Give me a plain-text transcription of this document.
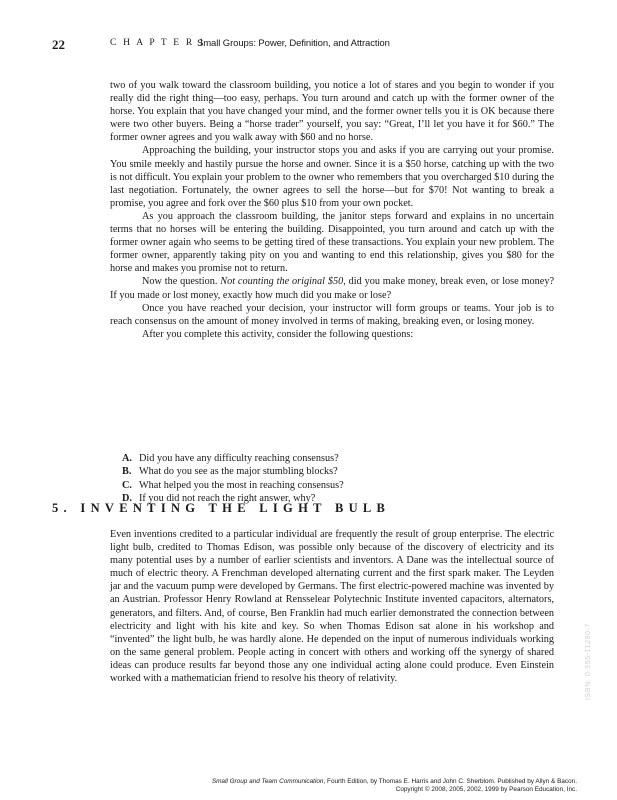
22	C H A P T E R 1
Small Groups: Power, Definition, and Attraction

two of you walk toward the classroom building, you notice a lot of stares and you begin to wonder if you really did the right thing—too easy, perhaps. You turn around and catch up with the former owner of the horse. You explain that you have changed your mind, and the former owner tells you it is OK because there were two other buyers. Being a “horse trader” yourself, you say: “Great, I’ll let you have it for $60.” The former owner agrees and you walk away with $60 and no horse.

Approaching the building, your instructor stops you and asks if you are carrying out your promise. You smile meekly and hastily pursue the horse and owner. Since it is a $50 horse, catching up with the two is not difficult. You explain your problem to the owner who remembers that you overcharged $10 during the last negotiation. Fortunately, the owner agrees to sell the horse—but for $70! Not wanting to break a promise, you agree and fork over the $60 plus $10 from your own pocket.

As you approach the classroom building, the janitor steps forward and explains in no uncertain terms that no horses will be entering the building. Disappointed, you turn around and catch up with the former owner again who seems to be getting tired of these transactions. You explain your new problem. The former owner, apparently taking pity on you and wanting to end this relationship, gives you $80 for the horse and makes you promise not to return.

Now the question. Not counting the original $50, did you make money, break even, or lose money? If you made or lost money, exactly how much did you make or lose?

Once you have reached your decision, your instructor will form groups or teams. Your job is to reach consensus on the amount of money involved in terms of making, breaking even, or losing money.

After you complete this activity, consider the following questions:

A. Did you have any difficulty reaching consensus?
B. What do you see as the major stumbling blocks?
C. What helped you the most in reaching consensus?
D. If you did not reach the right answer, why?
5. INVENTING THE LIGHT BULB

Even inventions credited to a particular individual are frequently the result of group enterprise. The electric light bulb, credited to Thomas Edison, was possible only because of the discovery of electricity and its many potential uses by a number of earlier scientists and inventors. A Dane was the intellectual source of much of electric theory. A Frenchman developed alternating current and the first spark maker. The Leyden jar and the vacuum pump were developed by Germans. The first electric-powered machine was invented by an Austrian. Professor Henry Rowland at Rensselear Polytechnic Institute invented capacitors, alternators, generators, and filters. And, of course, Ben Franklin had much earlier demonstrated the connection between electricity and light with his kite and key. So when Thomas Edison sat alone in his workshop and “invented” the light bulb, he was hardly alone. He depended on the input of numerous individuals working on the same general problem. People acting in concert with others and working off the synergy of shared ideas can produce results far beyond those any one individual acting alone could produce. Even Einstein worked with a mathematician friend to resolve his theory of relativity.	ISBN: 0-555-11280-7
Small Group and Team Communication, Fourth Edition, by Thomas E. Harris and John C. Sherblom. Published by Allyn & Bacon.
Copyright © 2008, 2005, 2002, 1999 by Pearson Education, Inc.
